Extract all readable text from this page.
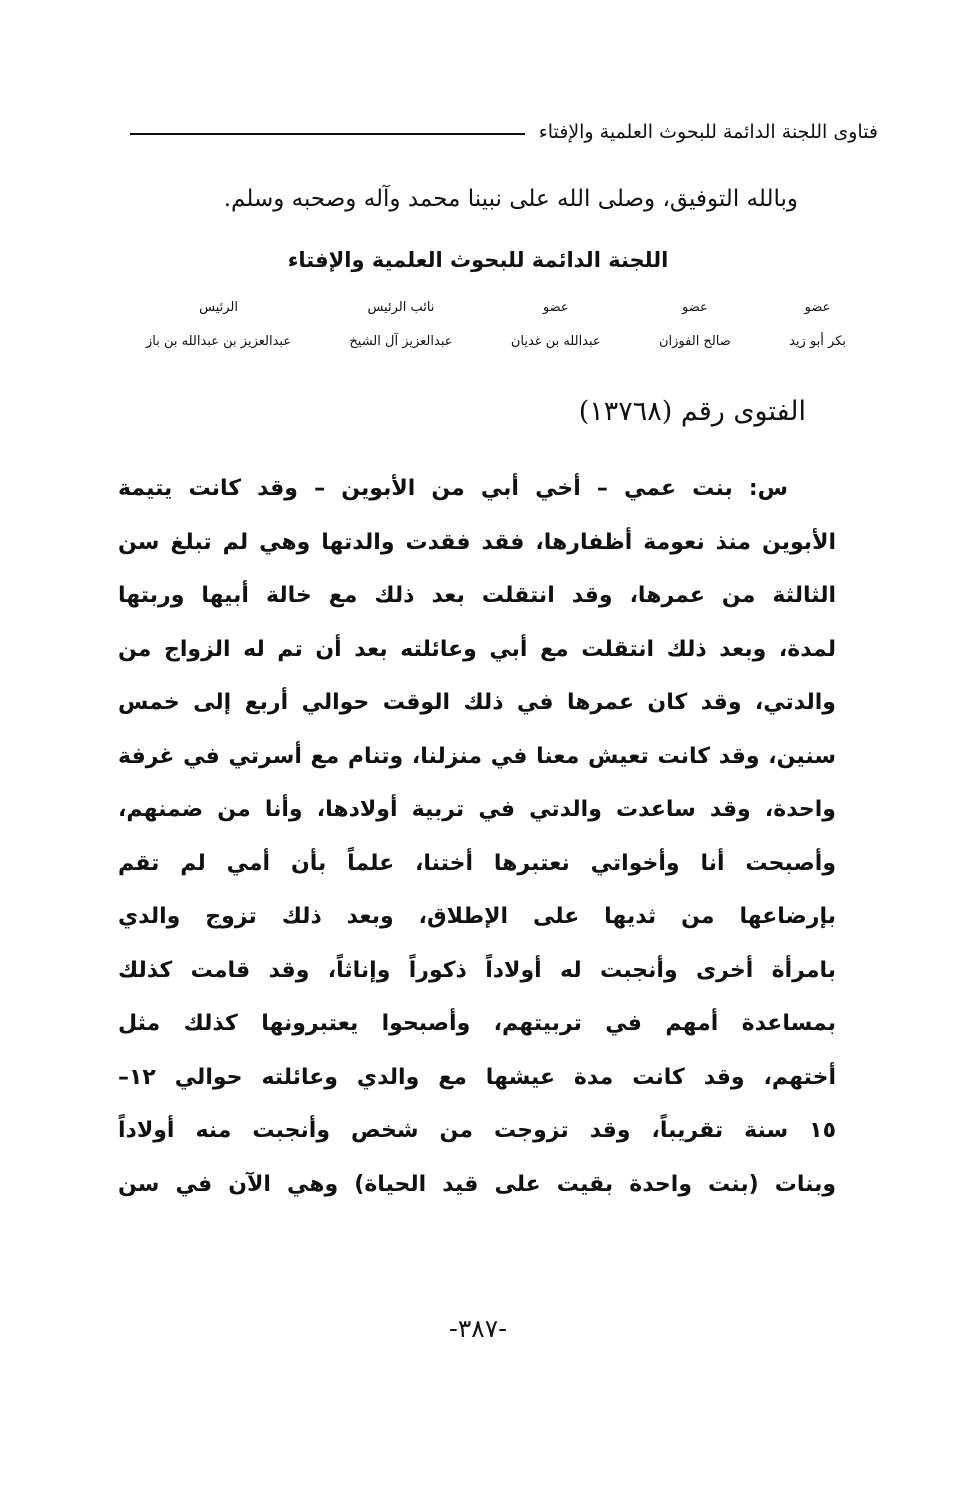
فتاوى اللجنة الدائمة للبحوث العلمية والإفتاء
وبالله التوفيق، وصلى الله على نبينا محمد وآله وصحبه وسلم.
اللجنة الدائمة للبحوث العلمية والإفتاء
عضو
بكر أبو زيد
عضو
صالح الفوزان
عضو
عبدالله بن غديان
نائب الرئيس
عبدالعزيز آل الشيخ
الرئيس
عبدالعزيز بن عبدالله بن باز
الفتوى رقم (١٣٧٦٨)
س: بنت عمي – أخي أبي من الأبوين – وقد كانت يتيمة
الأبوين منذ نعومة أظفارها، فقد فقدت والدتها وهي لم تبلغ سن
الثالثة من عمرها، وقد انتقلت بعد ذلك مع خالة أبيها وربتها
لمدة، وبعد ذلك انتقلت مع أبي وعائلته بعد أن تم له الزواج من
والدتي، وقد كان عمرها في ذلك الوقت حوالي أربع إلى خمس
سنين، وقد كانت تعيش معنا في منزلنا، وتنام مع أسرتي في غرفة
واحدة، وقد ساعدت والدتي في تربية أولادها، وأنا من ضمنهم،
وأصبحت أنا وأخواتي نعتبرها أختنا، علماً بأن أمي لم تقم
بإرضاعها من ثديها على الإطلاق، وبعد ذلك تزوج والدي
بامرأة أخرى وأنجبت له أولاداً ذكوراً وإناثاً، وقد قامت كذلك
بمساعدة أمهم في تربيتهم، وأصبحوا يعتبرونها كذلك مثل
أختهم، وقد كانت مدة عيشها مع والدي وعائلته حوالي ١٢–
١٥ سنة تقريباً، وقد تزوجت من شخص وأنجبت منه أولاداً
وبنات (بنت واحدة بقيت على قيد الحياة) وهي الآن في سن
-٣٨٧-
